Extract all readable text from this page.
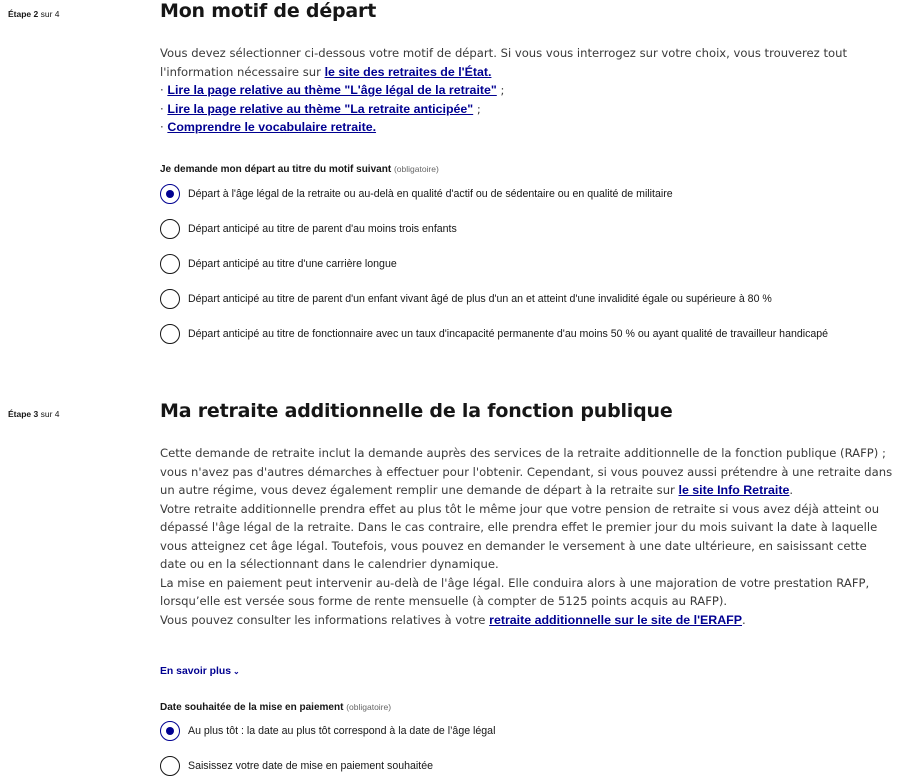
Étape 2 sur 4	Mon motif de départ

Vous devez sélectionner ci-dessous votre motif de départ. Si vous vous interrogez sur votre choix, vous trouverez tout l'information nécessaire sur le site des retraites de l'État.
· Lire la page relative au thème "L'âge légal de la retraite" ;
· Lire la page relative au thème "La retraite anticipée" ;
· Comprendre le vocabulaire retraite.

Je demande mon départ au titre du motif suivant (obligatoire)
Départ à l'âge légal de la retraite ou au-delà en qualité d'actif ou de sédentaire ou en qualité de militaire
Départ anticipé au titre de parent d'au moins trois enfants
Départ anticipé au titre d'une carrière longue
Départ anticipé au titre de parent d'un enfant vivant âgé de plus d'un an et atteint d'une invalidité égale ou supérieure à 80 %
Départ anticipé au titre de fonctionnaire avec un taux d'incapacité permanente d'au moins 50 % ou ayant qualité de travailleur handicapé
Étape 3 sur 4	Ma retraite additionnelle de la fonction publique

Cette demande de retraite inclut la demande auprès des services de la retraite additionnelle de la fonction publique (RAFP) ; vous n'avez pas d'autres démarches à effectuer pour l'obtenir. Cependant, si vous pouvez aussi prétendre à une retraite dans un autre régime, vous devez également remplir une demande de départ à la retraite sur le site Info Retraite.
Votre retraite additionnelle prendra effet au plus tôt le même jour que votre pension de retraite si vous avez déjà atteint ou dépassé l'âge légal de la retraite. Dans le cas contraire, elle prendra effet le premier jour du mois suivant la date à laquelle vous atteignez cet âge légal. Toutefois, vous pouvez en demander le versement à une date ultérieure, en saisissant cette date ou en la sélectionnant dans le calendrier dynamique.
La mise en paiement peut intervenir au-delà de l'âge légal. Elle conduira alors à une majoration de votre prestation RAFP, lorsqu’elle est versée sous forme de rente mensuelle (à compter de 5125 points acquis au RAFP).
Vous pouvez consulter les informations relatives à votre retraite additionnelle sur le site de l'ERAFP.

En savoir plus ⌄
Date souhaitée de la mise en paiement (obligatoire)
Au plus tôt : la date au plus tôt correspond à la date de l’âge légal
Saisissez votre date de mise en paiement souhaitée
